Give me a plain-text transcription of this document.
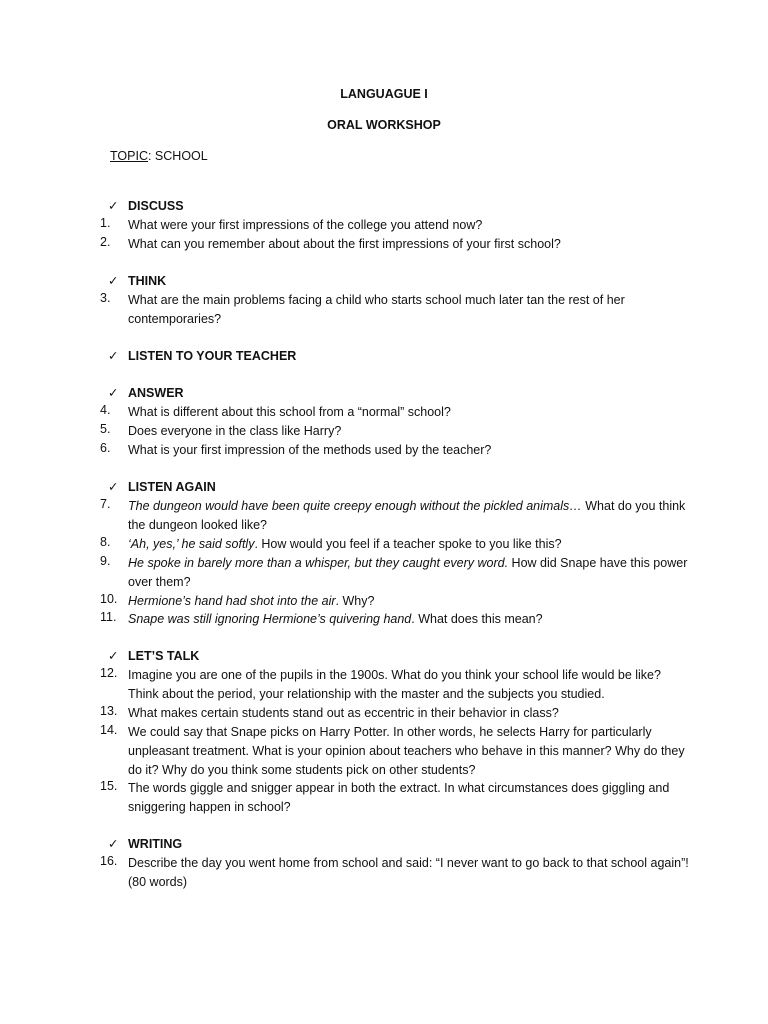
LANGUAGUE I
ORAL WORKSHOP
TOPIC: SCHOOL
✓ DISCUSS
1.	What were your first impressions of the college you attend now?
2.	What can you remember about about the first impressions of your first school?
✓ THINK
3.	What are the main problems facing a child who starts school much later tan the rest of her contemporaries?
✓ LISTEN TO YOUR TEACHER
✓ ANSWER
4.	What is different about this school from a “normal” school?
5.	Does everyone in the class like Harry?
6.	What is your first impression of the methods used by the teacher?
✓ LISTEN AGAIN
7.	The dungeon would have been quite creepy enough without the pickled animals… What do you think the dungeon looked like?
8.	‘Ah, yes,’ he said softly. How would you feel if a teacher spoke to you like this?
9.	He spoke in barely more than a whisper, but they caught every word. How did Snape have this power over them?
10. Hermione’s hand had shot into the air. Why?
11. Snape was still ignoring Hermione’s quivering hand. What does this mean?
✓ LET’S TALK
12. Imagine you are one of the pupils in the 1900s. What do you think your school life would be like? Think about the period, your relationship with the master and the subjects you studied.
13. What makes certain students stand out as eccentric in their behavior in class?
14. We could say that Snape picks on Harry Potter. In other words, he selects Harry for particularly unpleasant treatment. What is your opinion about teachers who behave in this manner? Why do they do it? Why do you think some students pick on other students?
15. The words giggle and snigger appear in both the extract. In what circumstances does giggling and sniggering happen in school?
✓ WRITING
16. Describe the day you went home from school and said: “I never want to go back to that school again”! (80 words)
